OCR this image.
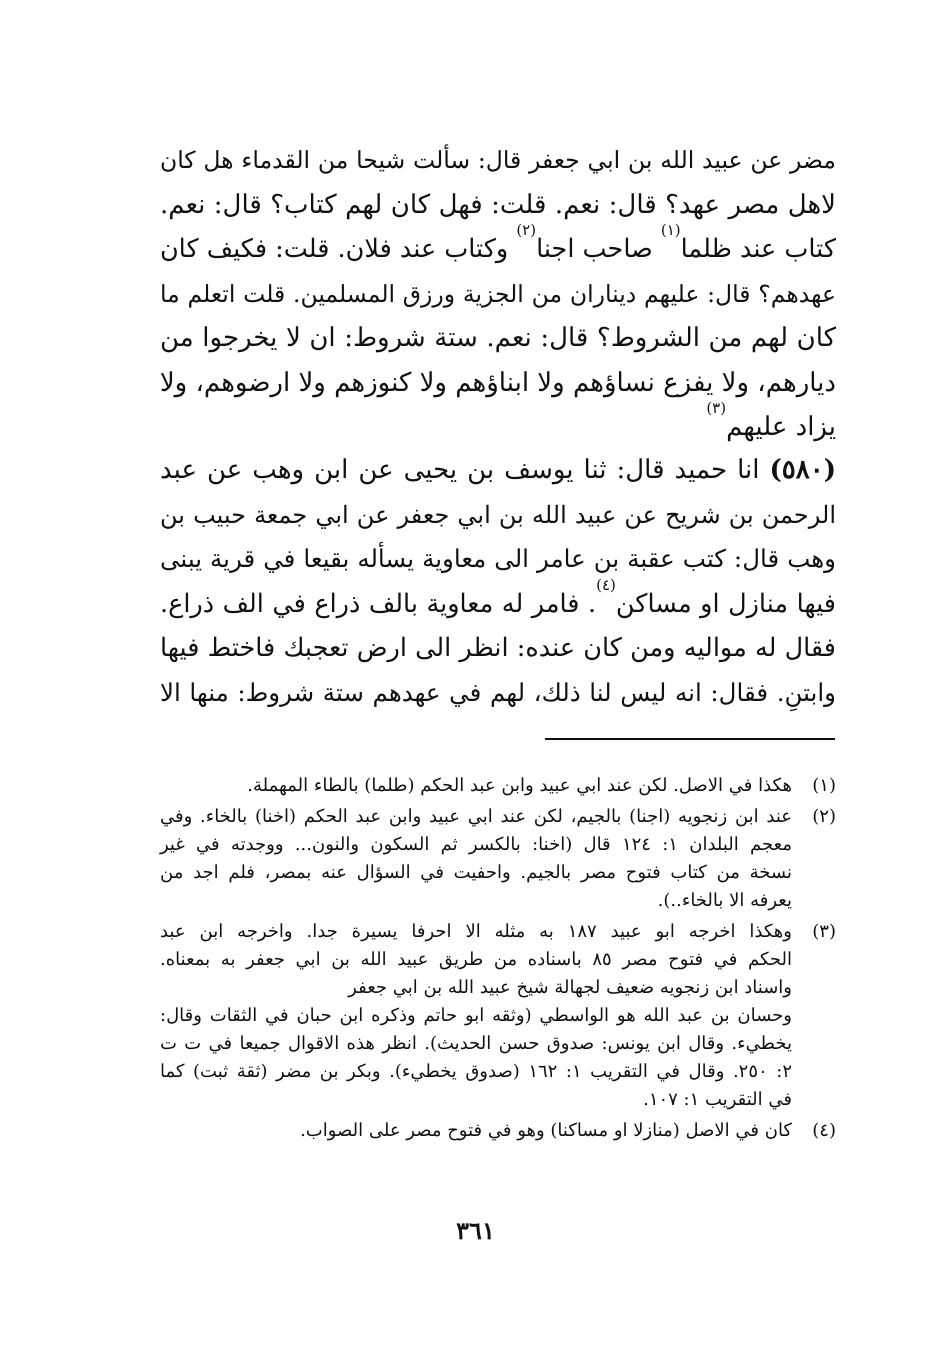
مضر عن عبيد الله بن ابي جعفر قال: سألت شيحا من القدماء هل كان
لاهل مصر عهد؟ قال: نعم. قلت: فهل كان لهم كتاب؟ قال: نعم.
كتاب عند ظلما$^{(١)}$ صاحب اجنا$^{(٢)}$ وكتاب عند فلان. قلت: فكيف كان
عهدهم؟ قال: عليهم ديناران من الجزية ورزق المسلمين. قلت اتعلم ما
كان لهم من الشروط؟ قال: نعم. ستة شروط: ان لا يخرجوا من
ديارهم، ولا يفزع نساؤهم ولا ابناؤهم ولا كنوزهم ولا ارضوهم، ولا
يزاد عليهم$^{(٣)}$
(٥٨٠) انا حميد قال: ثنا يوسف بن يحيى عن ابن وهب عن عبد
الرحمن بن شريح عن عبيد الله بن ابي جعفر عن ابي جمعة حبيب بن
وهب قال: كتب عقبة بن عامر الى معاوية يسأله بقيعا في قرية يبنى
فيها منازل او مساكن$^{(٤)}$. فامر له معاوية بالف ذراع في الف ذراع.
فقال له مواليه ومن كان عنده: انظر الى ارض تعجبك فاختط فيها
وابتنِ. فقال: انه ليس لنا ذلك، لهم في عهدهم ستة شروط: منها الا
(١)
هكذا في الاصل. لكن عند ابي عبيد وابن عبد الحكم (طلما) بالطاء المهملة.
(٢)
عند ابن زنجويه (اجنا) بالجيم، لكن عند ابي عبيد وابن عبد الحكم (اخنا) بالخاء. وفي
معجم البلدان ١: ١٢٤ قال (اخنا: بالكسر ثم السكون والنون... ووجدته في غير
نسخة من كتاب فتوح مصر بالجيم. واحفيت في السؤال عنه بمصر، فلم اجد من
يعرفه الا بالخاء..).
(٣)
وهكذا اخرجه ابو عبيد ١٨٧ به مثله الا احرفا يسيرة جدا. واخرجه ابن عبد
الحكم في فتوح مصر ٨٥ باسناده من طريق عبيد الله بن ابي جعفر به بمعناه.
واسناد ابن زنجويه ضعيف لجهالة شيخ عبيد الله بن ابي جعفر
وحسان بن عبد الله هو الواسطي (وثقه ابو حاتم وذكره ابن حبان في الثقات وقال:
يخطيء. وقال ابن يونس: صدوق حسن الحديث). انظر هذه الاقوال جميعا في ت ت
٢: ٢٥٠. وقال في التقريب ١: ١٦٢ (صدوق يخطيء). وبكر بن مضر (ثقة ثبت) كما
في التقريب ١: ١٠٧.
(٤)
كان في الاصل (منازلا او مساكنا) وهو في فتوح مصر على الصواب.
٣٦١
